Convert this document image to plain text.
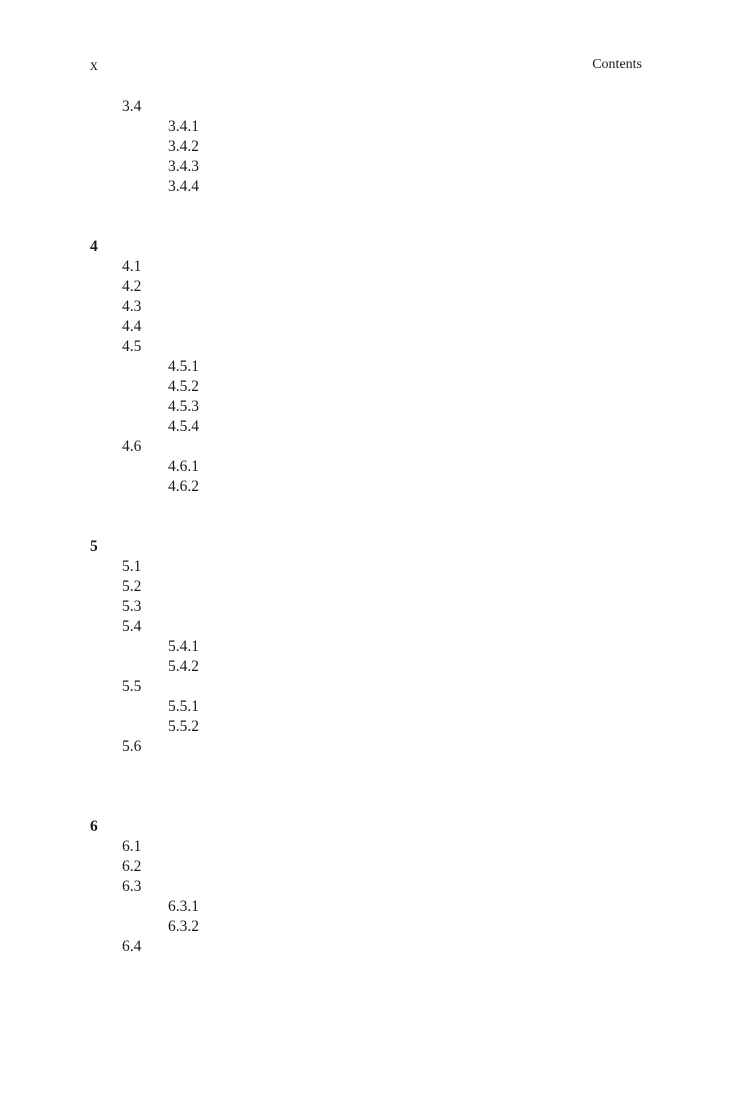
x	Contents
3.4
3.4.1
3.4.2
3.4.3
3.4.4
4
4.1
4.2
4.3
4.4
4.5
4.5.1
4.5.2
4.5.3
4.5.4
4.6
4.6.1
4.6.2
5
5.1
5.2
5.3
5.4
5.4.1
5.4.2
5.5
5.5.1
5.5.2
5.6
6
6.1
6.2
6.3
6.3.1
6.3.2
6.4
